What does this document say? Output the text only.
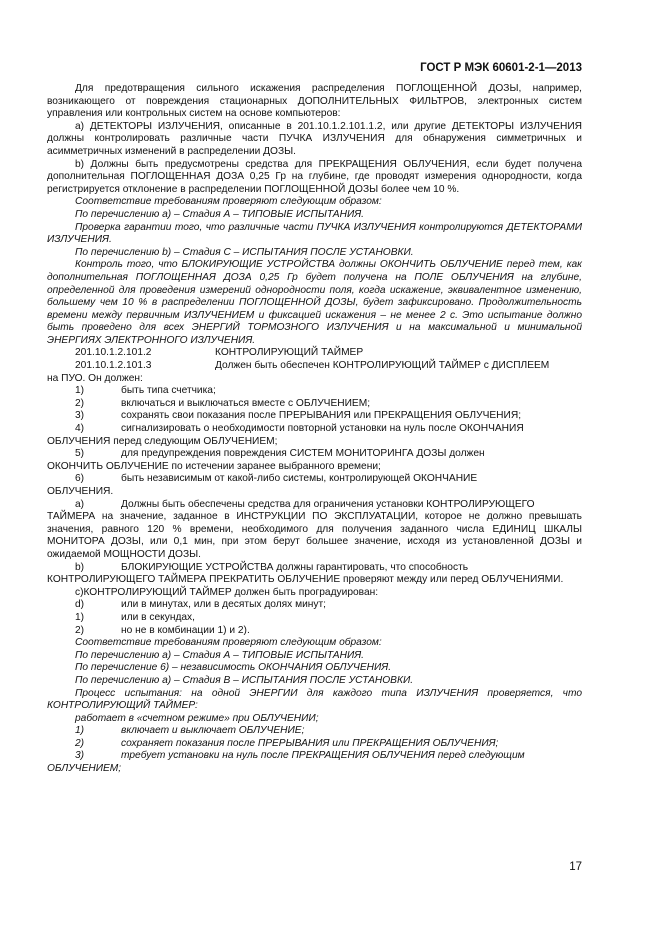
ГОСТ Р МЭК 60601-2-1—2013

Для предотвращения сильного искажения распределения ПОГЛОЩЕННОЙ ДОЗЫ, например, возникающего от повреждения стационарных ДОПОЛНИТЕЛЬНЫХ ФИЛЬТРОВ, электронных систем управления или контрольных систем на основе компьютеров:

а) ДЕТЕКТОРЫ ИЗЛУЧЕНИЯ, описанные в 201.10.1.2.101.1.2, или другие ДЕТЕКТОРЫ ИЗЛУЧЕНИЯ должны контролировать различные части ПУЧКА ИЗЛУЧЕНИЯ для обнаружения симметричных и асимметричных изменений в распределении ДОЗЫ.

b) Должны быть предусмотрены средства для ПРЕКРАЩЕНИЯ ОБЛУЧЕНИЯ, если будет получена дополнительная ПОГЛОЩЕННАЯ ДОЗА 0,25 Гр на глубине, где проводят измерения однородности, когда регистрируется отклонение в распределении ПОГЛОЩЕННОЙ ДОЗЫ более чем 10 %.

Соответствие требованиям проверяют следующим образом:

По перечислению а) – Стадия А – ТИПОВЫЕ ИСПЫТАНИЯ.

Проверка гарантии того, что различные части ПУЧКА ИЗЛУЧЕНИЯ контролируются ДЕТЕКТОРАМИ ИЗЛУЧЕНИЯ.

По перечислению b) – Стадия С – ИСПЫТАНИЯ ПОСЛЕ УСТАНОВКИ.

Контроль того, что БЛОКИРУЮЩИЕ УСТРОЙСТВА должны ОКОНЧИТЬ ОБЛУЧЕНИЕ перед тем, как дополнительная ПОГЛОЩЕННАЯ ДОЗА 0,25 Гр будет получена на ПОЛЕ ОБЛУЧЕНИЯ на глубине, определенной для проведения измерений однородности поля, когда искажение, эквивалентное изменению, большему чем 10 % в распределении ПОГЛОЩЕННОЙ ДОЗЫ, будет зафиксировано. Продолжительность времени между первичным ИЗЛУЧЕНИЕМ и фиксацией искажения – не менее 2 с. Это испытание должно быть проведено для всех ЭНЕРГИЙ ТОРМОЗНОГО ИЗЛУЧЕНИЯ и на максимальной и минимальной ЭНЕРГИЯХ ЭЛЕКТРОННОГО ИЗЛУЧЕНИЯ.

201.10.1.2.101.2	КОНТРОЛИРУЮЩИЙ ТАЙМЕР
201.10.1.2.101.3	Должен быть обеспечен КОНТРОЛИРУЮЩИЙ ТАЙМЕР с ДИСПЛЕЕМ

на ПУО. Он должен:

1)	быть типа счетчика;
2)	включаться и выключаться вместе с ОБЛУЧЕНИЕМ;
3)	сохранять свои показания после ПРЕРЫВАНИЯ или ПРЕКРАЩЕНИЯ ОБЛУЧЕНИЯ;
4)	сигнализировать о необходимости повторной установки на нуль после ОКОНЧАНИЯ

ОБЛУЧЕНИЯ перед следующим ОБЛУЧЕНИЕМ;

5)	для предупреждения повреждения СИСТЕМ МОНИТОРИНГА ДОЗЫ должен

ОКОНЧИТЬ ОБЛУЧЕНИЕ по истечении заранее выбранного времени;

6)	быть независимым от какой-либо системы, контролирующей ОКОНЧАНИЕ

ОБЛУЧЕНИЯ.

a)	Должны быть обеспечены средства для ограничения установки КОНТРОЛИРУЮЩЕГО

ТАЙМЕРА на значение, заданное в ИНСТРУКЦИИ ПО ЭКСПЛУАТАЦИИ, которое не должно превышать значения, равного 120 % времени, необходимого для получения заданного числа ЕДИНИЦ ШКАЛЫ МОНИТОРА ДОЗЫ, или 0,1 мин, при этом берут большее значение, исходя из установленной ДОЗЫ и ожидаемой МОЩНОСТИ ДОЗЫ.

b)	БЛОКИРУЮЩИЕ УСТРОЙСТВА должны гарантировать, что способность

КОНТРОЛИРУЮЩЕГО ТАЙМЕРА ПРЕКРАТИТЬ ОБЛУЧЕНИЕ проверяют между или перед ОБЛУЧЕНИЯМИ.

c)КОНТРОЛИРУЮЩИЙ ТАЙМЕР должен быть проградуирован:

d)	или в минутах, или в десятых долях минут;
1)	или в секундах,
2)	но не в комбинации 1) и 2).

Соответствие требованиям проверяют следующим образом:

По перечислению а) – Стадия А – ТИПОВЫЕ ИСПЫТАНИЯ.

По перечисление 6) – независимость ОКОНЧАНИЯ ОБЛУЧЕНИЯ.

По перечислению а) – Стадия В – ИСПЫТАНИЯ ПОСЛЕ УСТАНОВКИ.

Процесс испытания: на одной ЭНЕРГИИ для каждого типа ИЗЛУЧЕНИЯ проверяется, что КОНТРОЛИРУЮЩИЙ ТАЙМЕР:

работает в «счетном режиме» при ОБЛУЧЕНИИ;

1)	включает и выключает ОБЛУЧЕНИЕ;
2)	сохраняет показания после ПРЕРЫВАНИЯ или ПРЕКРАЩЕНИЯ ОБЛУЧЕНИЯ;
3)	требует установки на нуль после ПРЕКРАЩЕНИЯ ОБЛУЧЕНИЯ перед следующим

ОБЛУЧЕНИЕМ;

17
